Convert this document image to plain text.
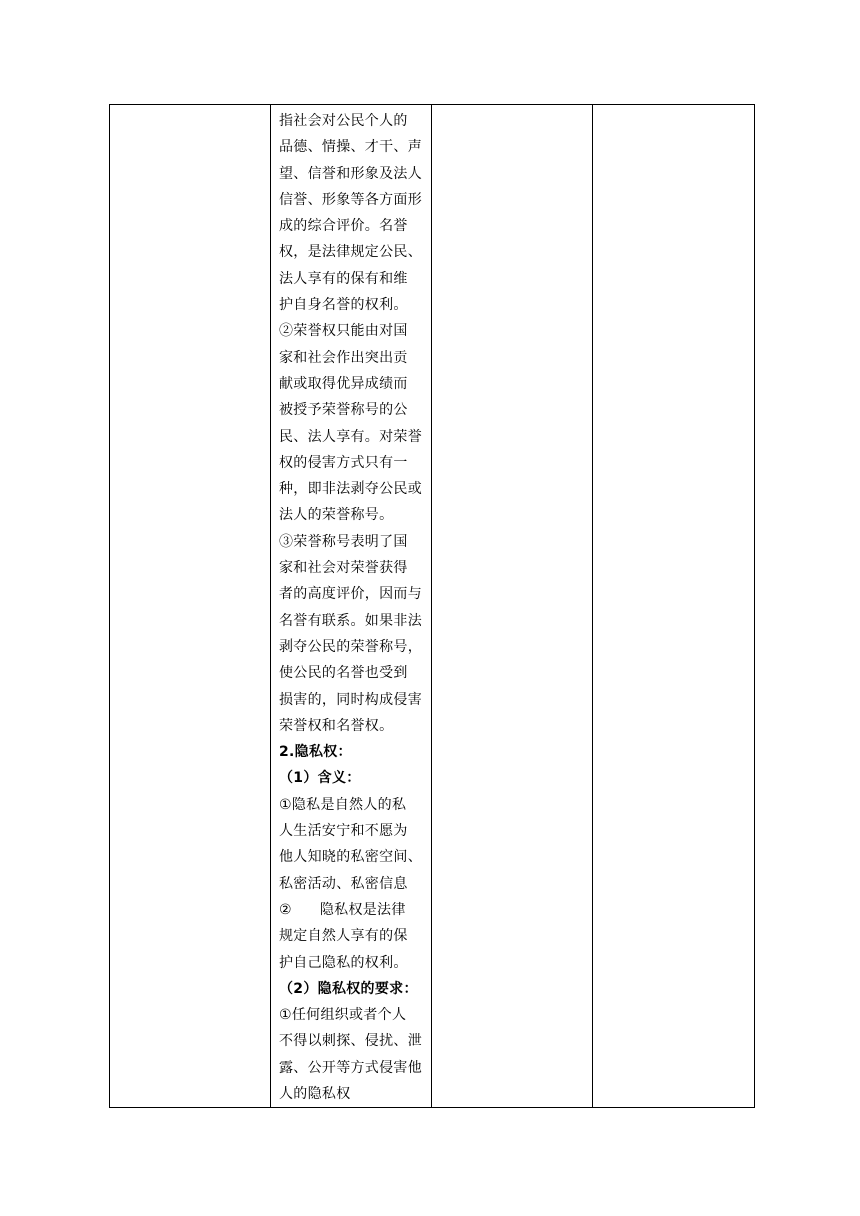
指社会对公民个人的
品德、情操、才干、声
望、信誉和形象及法人
信誉、形象等各方面形
成的综合评价。名誉
权，是法律规定公民、
法人享有的保有和维
护自身名誉的权利。
②荣誉权只能由对国
家和社会作出突出贡
献或取得优异成绩而
被授予荣誉称号的公
民、法人享有。对荣誉
权的侵害方式只有一
种，即非法剥夺公民或
法人的荣誉称号。
③荣誉称号表明了国
家和社会对荣誉获得
者的高度评价，因而与
名誉有联系。如果非法
剥夺公民的荣誉称号，
使公民的名誉也受到
损害的，同时构成侵害
荣誉权和名誉权。
2.隐私权：
（1）含义：
①隐私是自然人的私
人生活安宁和不愿为
他人知晓的私密空间、
私密活动、私密信息
② 隐私权是法律
规定自然人享有的保
护自己隐私的权利。
（2）隐私权的要求：
①任何组织或者个人
不得以刺探、侵扰、泄
露、公开等方式侵害他
人的隐私权
